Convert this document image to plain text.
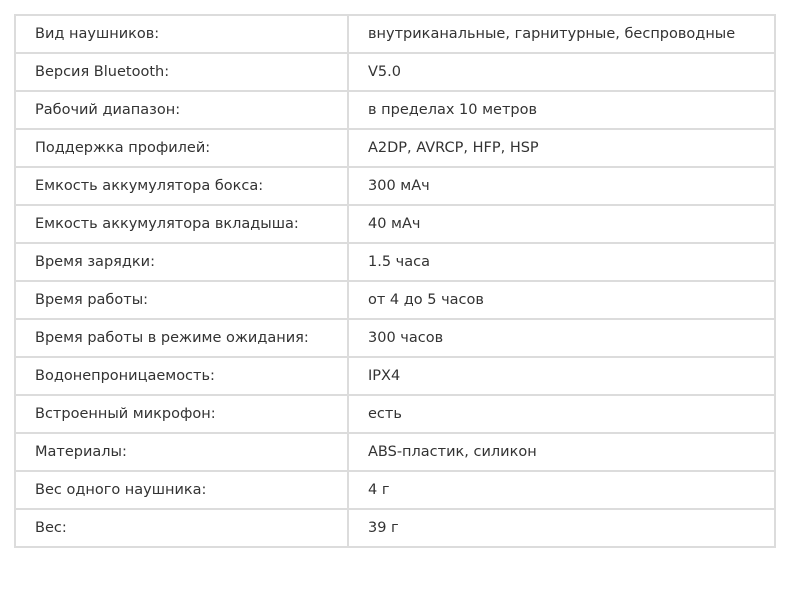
Вид наушников:	внутриканальные, гарнитурные, беспроводные
Версия Bluetooth:	V5.0
Рабочий диапазон:	в пределах 10 метров
Поддержка профилей:	A2DP, AVRCP, HFP, HSP
Емкость аккумулятора бокса:	300 мАч
Емкость аккумулятора вкладыша:	40 мАч
Время зарядки:	1.5 часа
Время работы:	от 4 до 5 часов
Время работы в режиме ожидания:	300 часов
Водонепроницаемость:	IPX4
Встроенный микрофон:	есть
Материалы:	ABS-пластик, силикон
Вес одного наушника:	4 г
Вес:	39 г
